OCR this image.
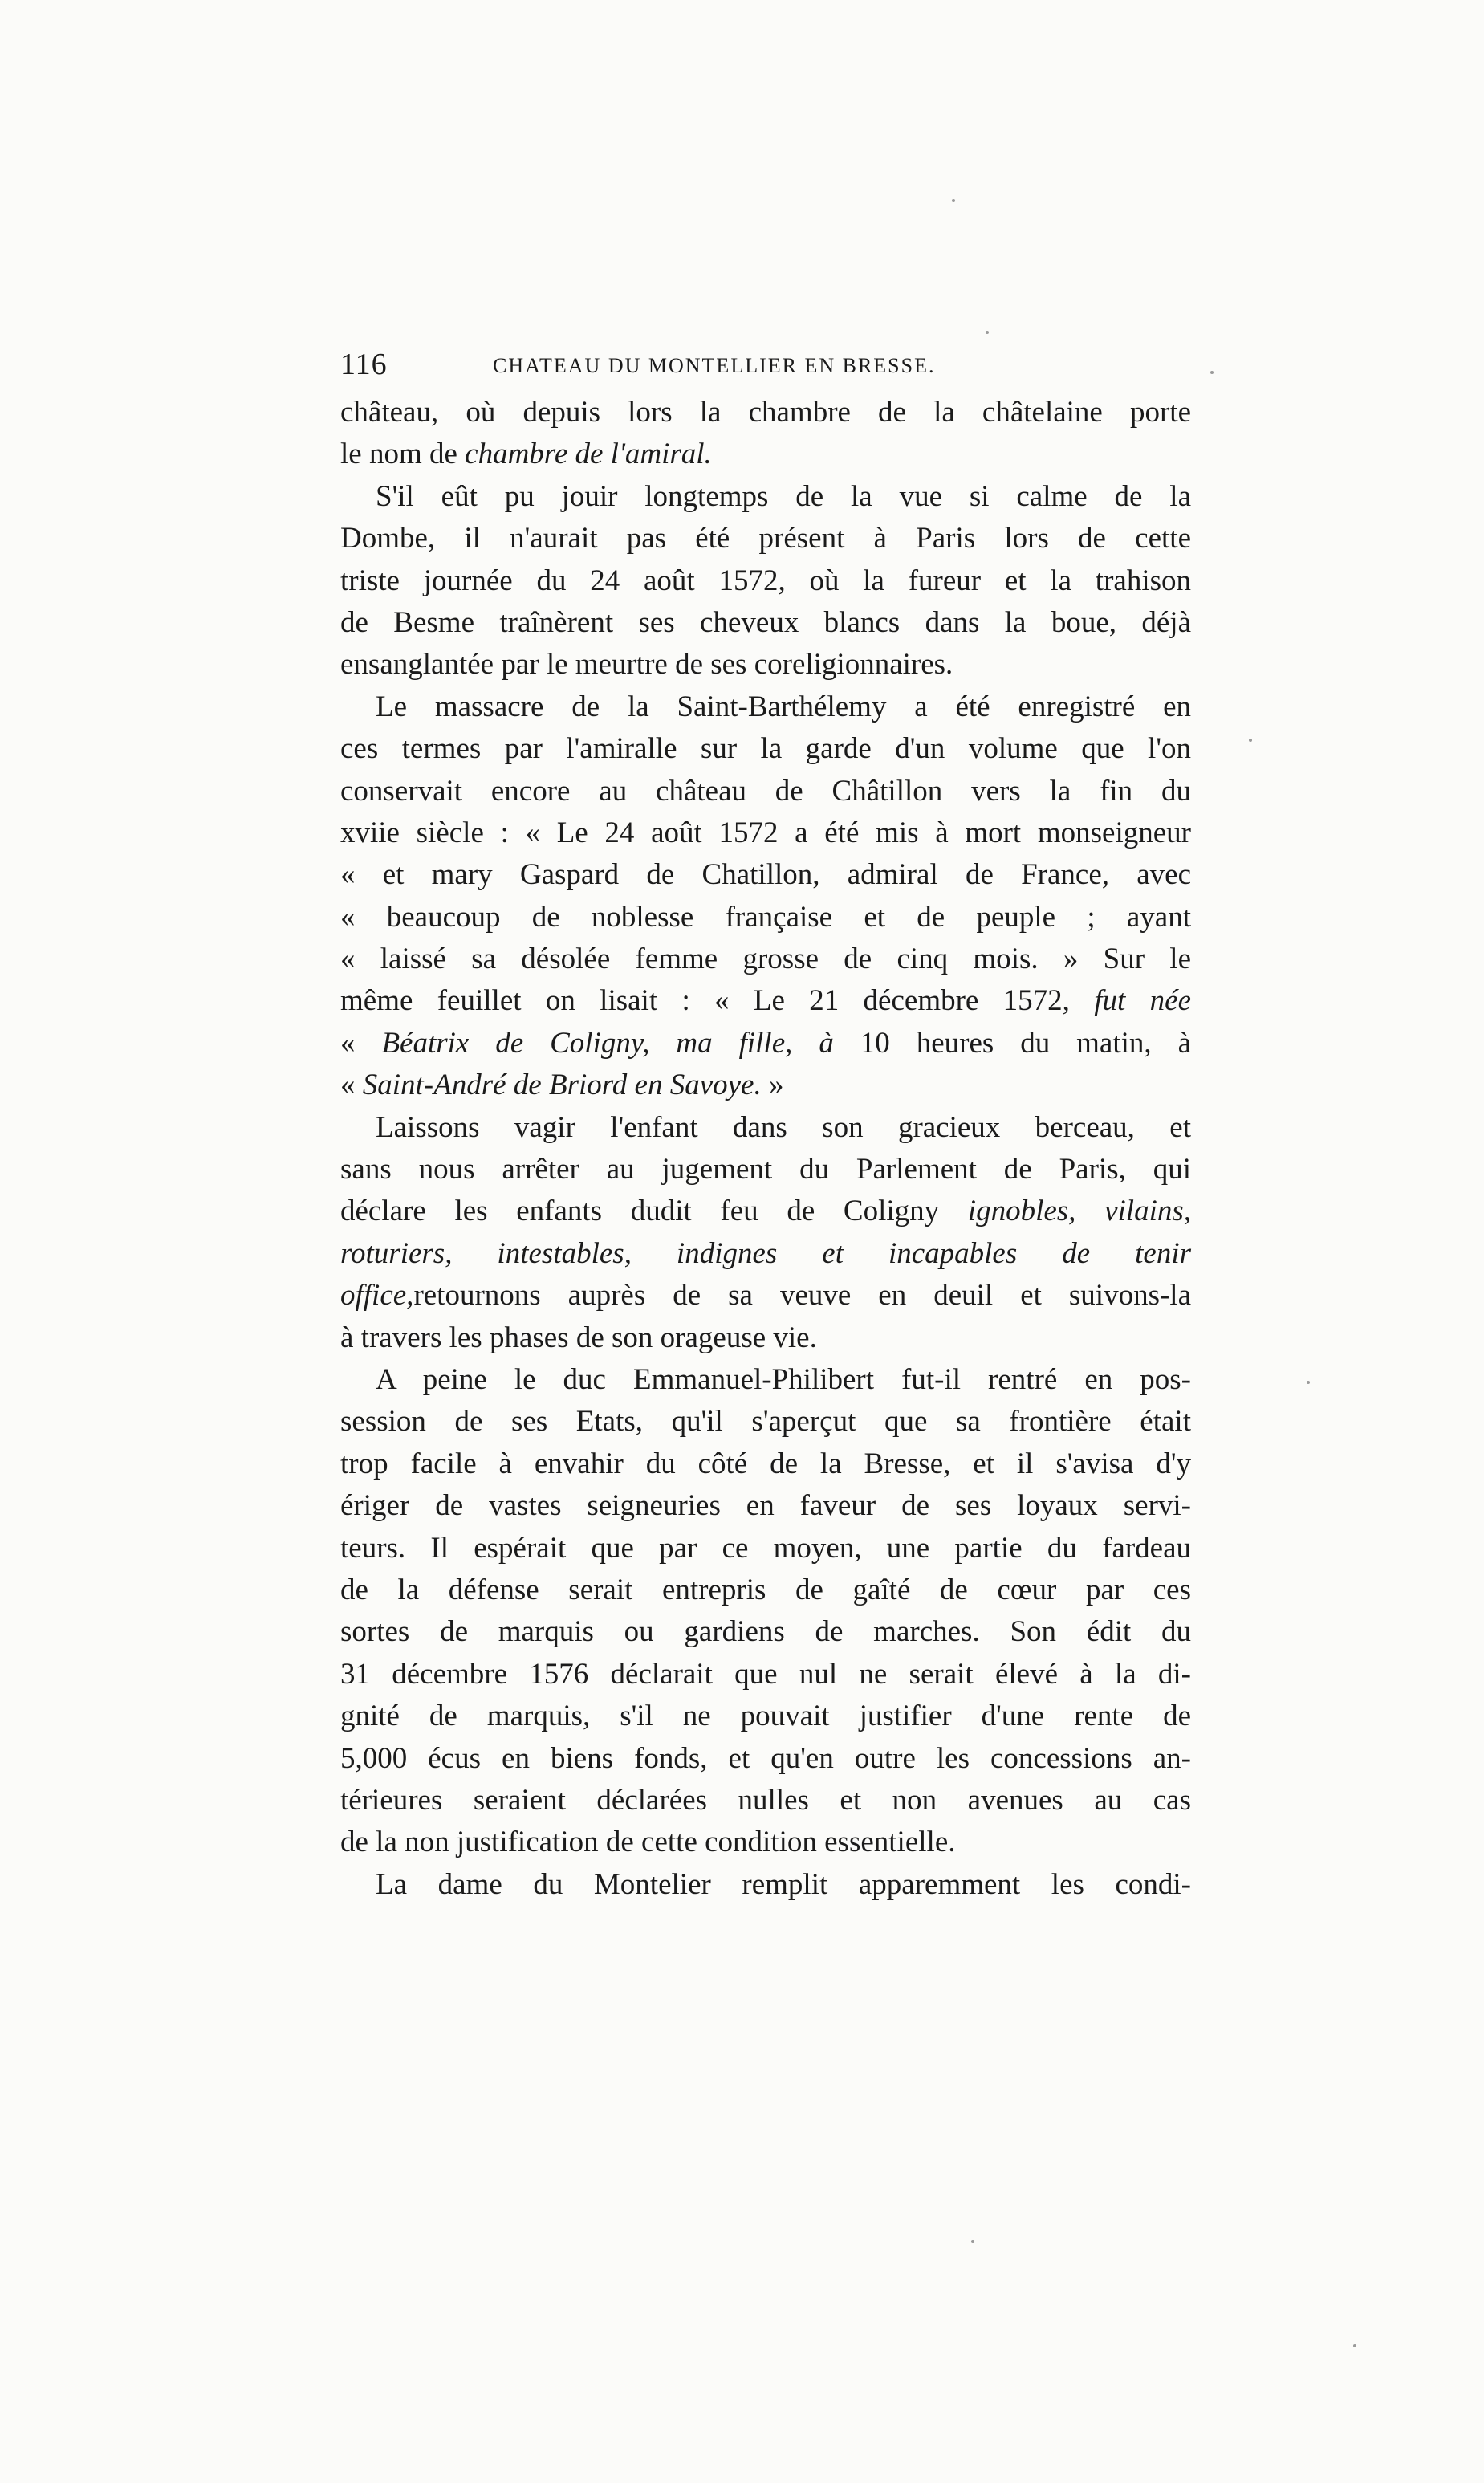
116	CHATEAU DU MONTELLIER EN BRESSE.
château, où depuis lors la chambre de la châtelaine porte
le nom de chambre de l'amiral.
S'il eût pu jouir longtemps de la vue si calme de la
Dombe, il n'aurait pas été présent à Paris lors de cette
triste journée du 24 août 1572, où la fureur et la trahison
de Besme traînèrent ses cheveux blancs dans la boue, déjà
ensanglantée par le meurtre de ses coreligionnaires.
Le massacre de la Saint-Barthélemy a été enregistré en
ces termes par l'amiralle sur la garde d'un volume que l'on
conservait encore au château de Châtillon vers la fin du
xviie siècle : « Le 24 août 1572 a été mis à mort monseigneur
« et mary Gaspard de Chatillon, admiral de France, avec
« beaucoup de noblesse française et de peuple ; ayant
« laissé sa désolée femme grosse de cinq mois. » Sur le
même feuillet on lisait : « Le 21 décembre 1572, fut née
« Béatrix de Coligny, ma fille, à 10 heures du matin, à
« Saint-André de Briord en Savoye. »
Laissons vagir l'enfant dans son gracieux berceau, et
sans nous arrêter au jugement du Parlement de Paris, qui
déclare les enfants dudit feu de Coligny ignobles, vilains,
roturiers, intestables, indignes et incapables de tenir
office,retournons auprès de sa veuve en deuil et suivons-la
à travers les phases de son orageuse vie.
A peine le duc Emmanuel-Philibert fut-il rentré en pos-
session de ses Etats, qu'il s'aperçut que sa frontière était
trop facile à envahir du côté de la Bresse, et il s'avisa d'y
ériger de vastes seigneuries en faveur de ses loyaux servi-
teurs. Il espérait que par ce moyen, une partie du fardeau
de la défense serait entrepris de gaîté de cœur par ces
sortes de marquis ou gardiens de marches. Son édit du
31 décembre 1576 déclarait que nul ne serait élevé à la di-
gnité de marquis, s'il ne pouvait justifier d'une rente de
5,000 écus en biens fonds, et qu'en outre les concessions an-
térieures seraient déclarées nulles et non avenues au cas
de la non justification de cette condition essentielle.
La dame du Montelier remplit apparemment les condi-
